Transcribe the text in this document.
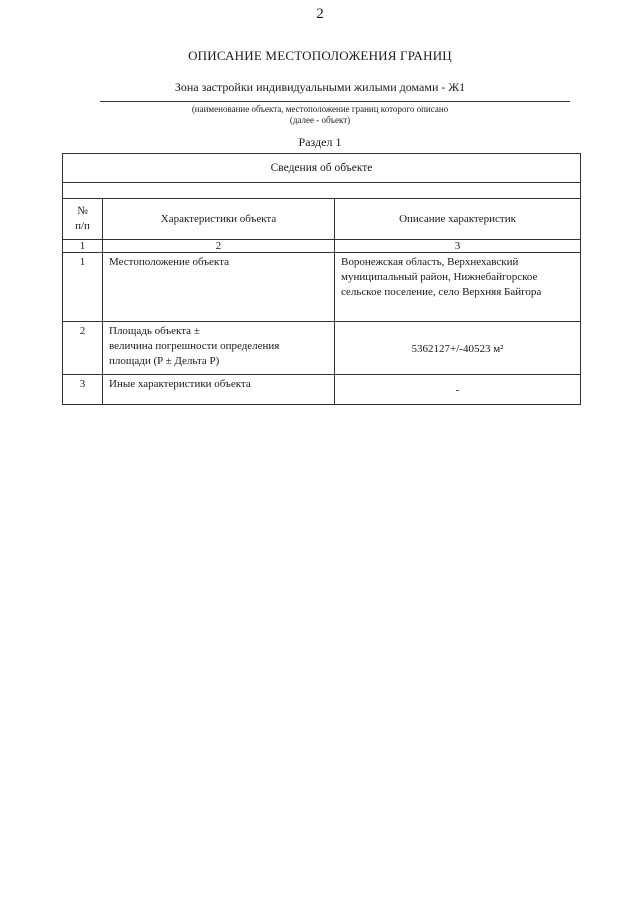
2
ОПИСАНИЕ МЕСТОПОЛОЖЕНИЯ ГРАНИЦ
Зона застройки индивидуальными жилыми домами - Ж1
(наименование объекта, местоположение границ которого описано
(далее - объект)
Раздел 1
Сведения об объекте		

№
п/п	Характеристики объекта	Описание характеристик
1	2	3
1	Местоположение объекта	Воронежская область, Верхнехавский муниципальный район, Нижнебайгорское сельское поселение, село Верхняя Байгора
2	Площадь объекта ±
величина погрешности определения
площади (P ± Дельта P)	5362127+/-40523 м²
3	Иные характеристики объекта	-
